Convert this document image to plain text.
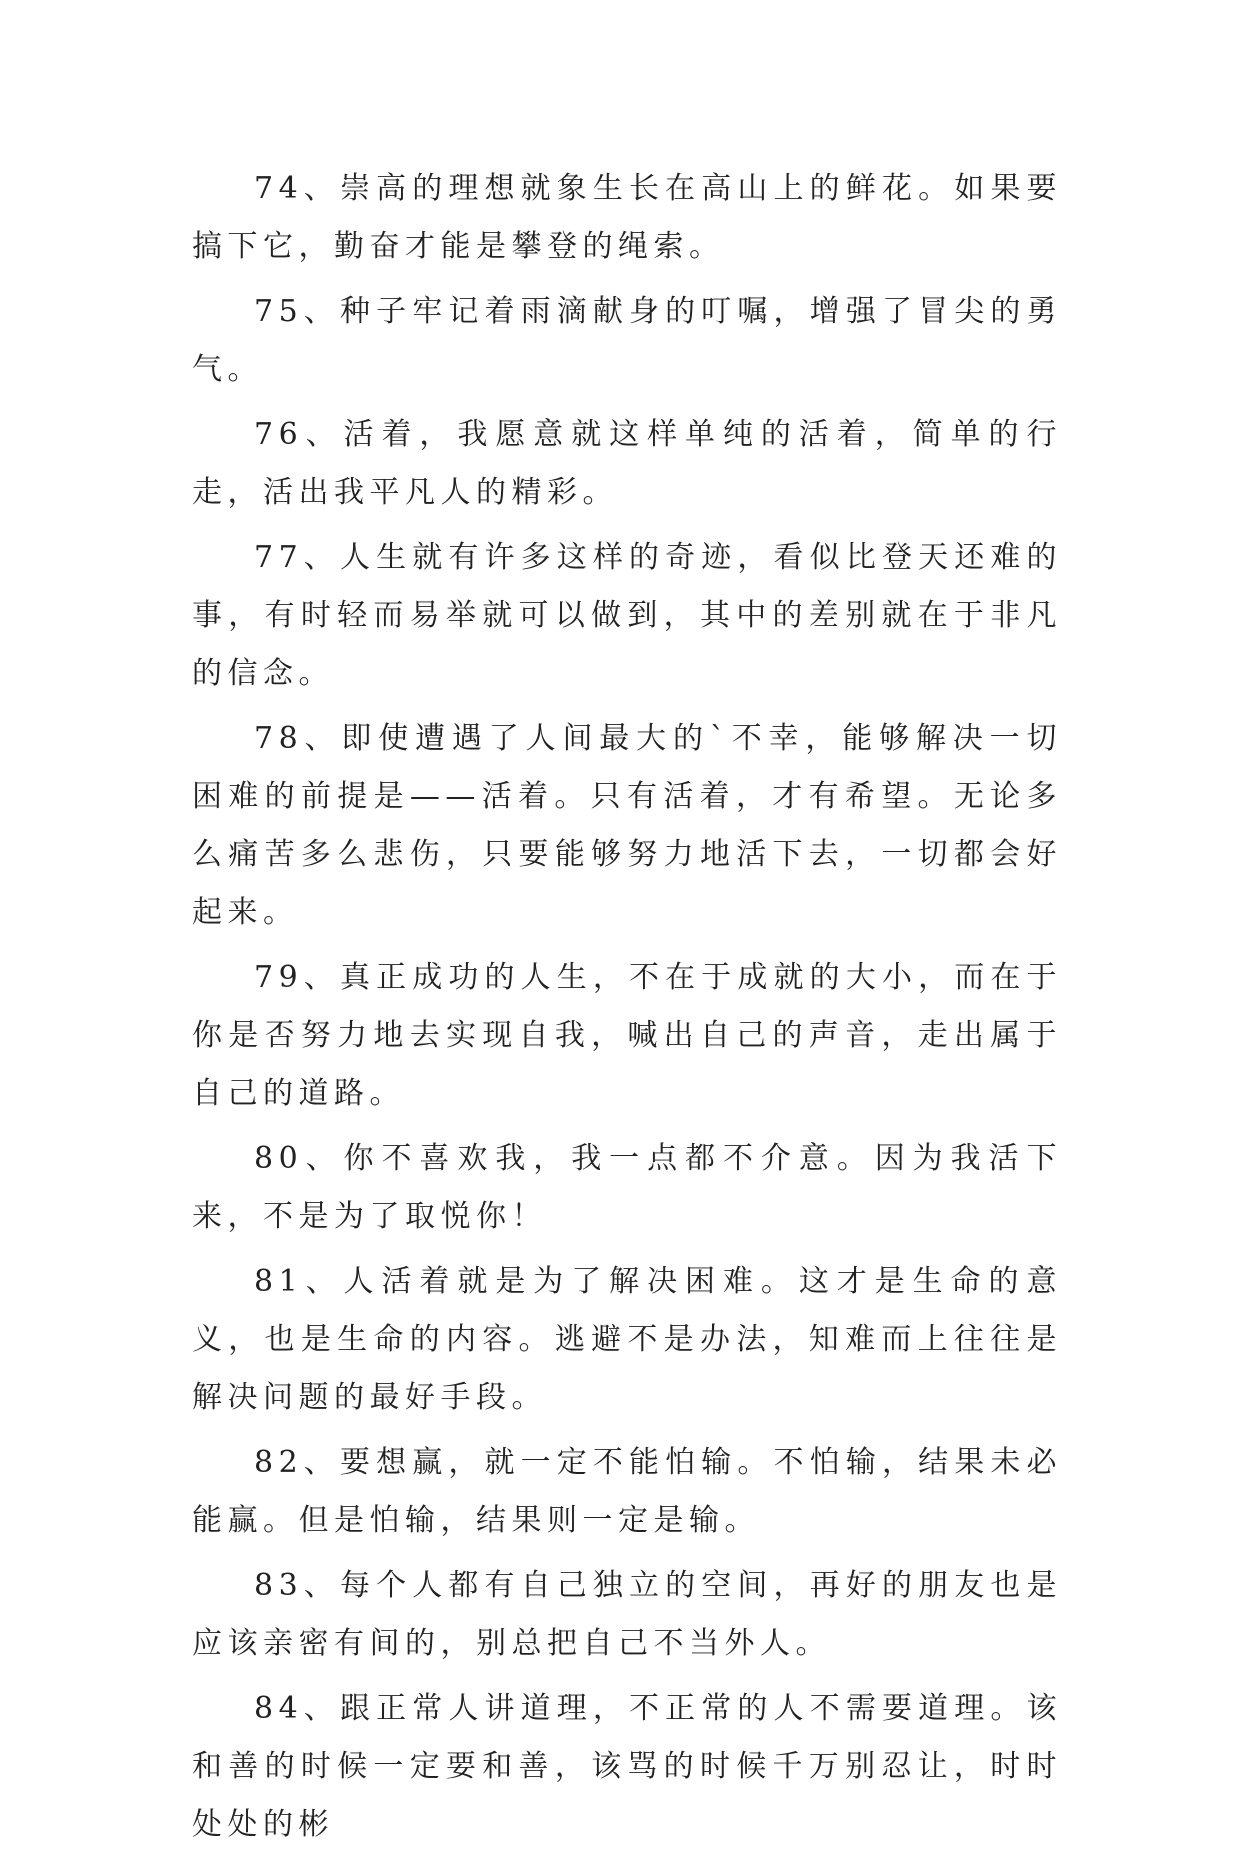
74、崇高的理想就象生长在高山上的鲜花。如果要搞下它，勤奋才能是攀登的绳索。

75、种子牢记着雨滴献身的叮嘱，增强了冒尖的勇气。

76、活着，我愿意就这样单纯的活着，简单的行走，活出我平凡人的精彩。

77、人生就有许多这样的奇迹，看似比登天还难的事，有时轻而易举就可以做到，其中的差别就在于非凡的信念。

78、即使遭遇了人间最大的`不幸，能够解决一切困难的前提是——活着。只有活着，才有希望。无论多么痛苦多么悲伤，只要能够努力地活下去，一切都会好起来。

79、真正成功的人生，不在于成就的大小，而在于你是否努力地去实现自我，喊出自己的声音，走出属于自己的道路。

80、你不喜欢我，我一点都不介意。因为我活下来，不是为了取悦你！

81、人活着就是为了解决困难。这才是生命的意义，也是生命的内容。逃避不是办法，知难而上往往是解决问题的最好手段。

82、要想赢，就一定不能怕输。不怕输，结果未必能赢。但是怕输，结果则一定是输。

83、每个人都有自己独立的空间，再好的朋友也是应该亲密有间的，别总把自己不当外人。

84、跟正常人讲道理，不正常的人不需要道理。该和善的时候一定要和善，该骂的时候千万别忍让，时时处处的彬
